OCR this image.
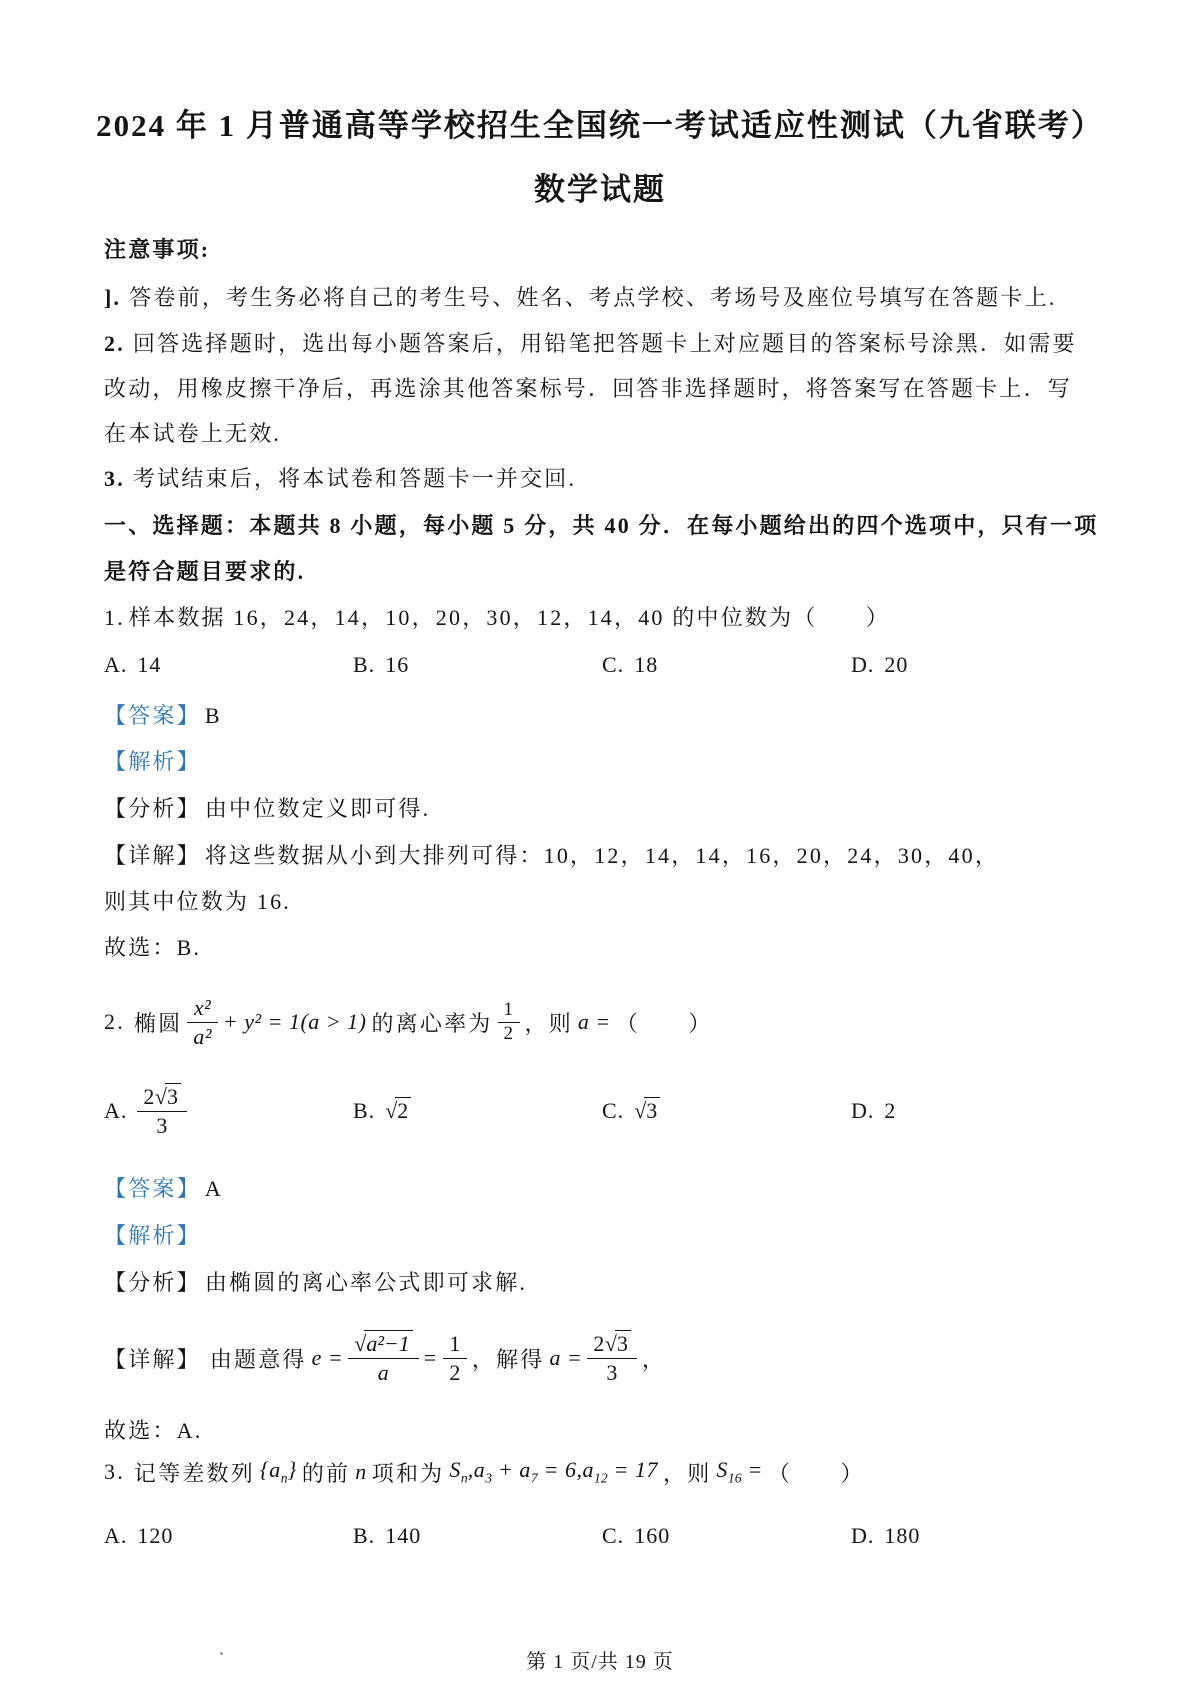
2024 年 1 月普通高等学校招生全国统一考试适应性测试（九省联考）
数学试题
注意事项:
]. 答卷前，考生务必将自己的考生号、姓名、考点学校、考场号及座位号填写在答题卡上.
2. 回答选择题时，选出每小题答案后，用铅笔把答题卡上对应题目的答案标号涂黑．如需要
改动，用橡皮擦干净后，再选涂其他答案标号．回答非选择题时，将答案写在答题卡上．写
在本试卷上无效.
3. 考试结束后，将本试卷和答题卡一并交回.
一、选择题：本题共 8 小题，每小题 5 分，共 40 分．在每小题给出的四个选项中，只有一项
是符合题目要求的.
1. 样本数据 16，24，14，10，20，30，12，14，40 的中位数为（　　）
A. 14	B. 16	C. 18	D. 20
【答案】 B
【解析】
【分析】 由中位数定义即可得.
【详解】 将这些数据从小到大排列可得：10，12，14，14，16，20，24，30，40，
则其中位数为 16.
故选：B.
2. 椭圆 $\frac{\text{x²}}{\text{a²}} + y^2 = 1(a > 1)$ 的离心率为 $\frac{1}{2}$ ，则 a = （　　）
A. $\frac{2√3}{3}$	B. √2	C. √3	D. 2
【答案】 A
【解析】
【分析】 由椭圆的离心率公式即可求解.
【详解】 由题意得 $e = \frac{\text{√a²−1}}{a} = \frac{1}{2}$ ，解得 $a = \frac{2√3}{3}$ ，
故选：A.
3. 记等差数列 $\{a_n\}$ 的前 n 项和为 $S_n,a_3 + a_7 = 6,a_{12} = 17$ ，则 $S_{16}$ = （　　）
A. 120	B. 140	C. 160	D. 180
第 1 页/共 19 页
